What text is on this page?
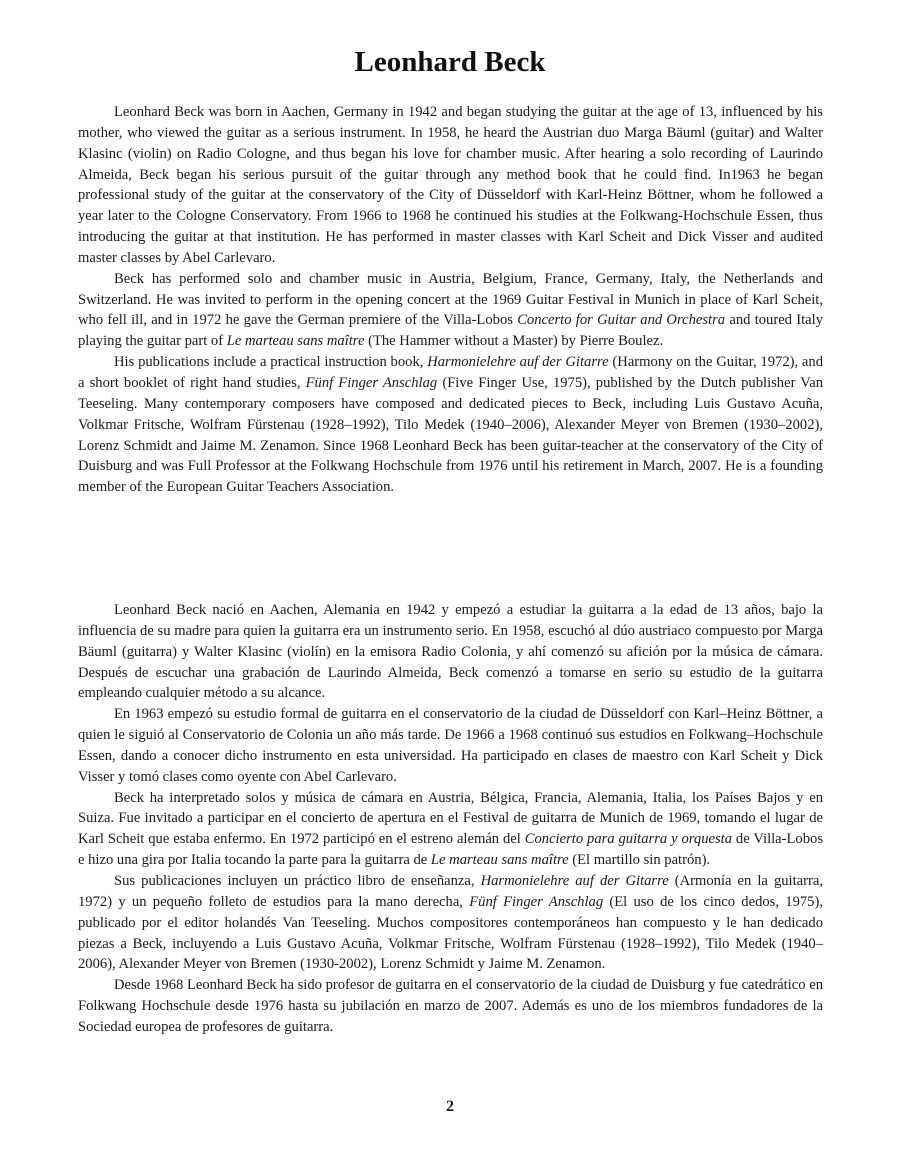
Leonhard Beck

Leonhard Beck was born in Aachen, Germany in 1942 and began studying the guitar at the age of 13, influenced by his mother, who viewed the guitar as a serious instrument. In 1958, he heard the Austrian duo Marga Bäuml (guitar) and Walter Klasinc (violin) on Radio Cologne, and thus began his love for chamber music. After hearing a solo recording of Laurindo Almeida, Beck began his serious pursuit of the guitar through any method book that he could find. In1963 he began professional study of the guitar at the conservatory of the City of Düsseldorf with Karl-Heinz Böttner, whom he followed a year later to the Cologne Conservatory. From 1966 to 1968 he continued his studies at the Folkwang-Hochschule Essen, thus introducing the guitar at that institution. He has performed in master classes with Karl Scheit and Dick Visser and audited master classes by Abel Carlevaro.

Beck has performed solo and chamber music in Austria, Belgium, France, Germany, Italy, the Netherlands and Switzerland. He was invited to perform in the opening concert at the 1969 Guitar Festival in Munich in place of Karl Scheit, who fell ill, and in 1972 he gave the German premiere of the Villa-Lobos Concerto for Guitar and Orchestra and toured Italy playing the guitar part of Le marteau sans maître (The Hammer without a Master) by Pierre Boulez.

His publications include a practical instruction book, Harmonielehre auf der Gitarre (Harmony on the Guitar, 1972), and a short booklet of right hand studies, Fünf Finger Anschlag (Five Finger Use, 1975), published by the Dutch publisher Van Teeseling. Many contemporary composers have composed and dedicated pieces to Beck, including Luis Gustavo Acuña, Volkmar Fritsche, Wolfram Fürstenau (1928–1992), Tilo Medek (1940–2006), Alexander Meyer von Bremen (1930–2002), Lorenz Schmidt and Jaime M. Zenamon. Since 1968 Leonhard Beck has been guitar-teacher at the conservatory of the City of Duisburg and was Full Professor at the Folkwang Hochschule from 1976 until his retirement in March, 2007. He is a founding member of the European Guitar Teachers Association.

Leonhard Beck nació en Aachen, Alemania en 1942 y empezó a estudiar la guitarra a la edad de 13 años, bajo la influencia de su madre para quien la guitarra era un instrumento serio. En 1958, escuchó al dúo austriaco compuesto por Marga Bäuml (guitarra) y Walter Klasinc (violín) en la emisora Radio Colonia, y ahí comenzó su afición por la música de cámara. Después de escuchar una grabación de Laurindo Almeida, Beck comenzó a tomarse en serio su estudio de la guitarra empleando cualquier método a su alcance.

En 1963 empezó su estudio formal de guitarra en el conservatorio de la ciudad de Düsseldorf con Karl–Heinz Böttner, a quien le siguió al Conservatorio de Colonia un año más tarde. De 1966 a 1968 continuó sus estudios en Folkwang–Hochschule Essen, dando a conocer dicho instrumento en esta universidad. Ha participado en clases de maestro con Karl Scheit y Dick Visser y tomó clases como oyente con Abel Carlevaro.

Beck ha interpretado solos y música de cámara en Austria, Bélgica, Francia, Alemania, Italia, los Países Bajos y en Suiza. Fue invitado a participar en el concierto de apertura en el Festival de guitarra de Munich de 1969, tomando el lugar de Karl Scheit que estaba enfermo. En 1972 participó en el estreno alemán del Concierto para guitarra y orquesta de Villa-Lobos e hizo una gira por Italia tocando la parte para la guitarra de Le marteau sans maître (El martillo sin patrón).

Sus publicaciones incluyen un práctico libro de enseñanza, Harmonielehre auf der Gitarre (Armonía en la guitarra, 1972) y un pequeño folleto de estudios para la mano derecha, Fünf Finger Anschlag (El uso de los cinco dedos, 1975), publicado por el editor holandés Van Teeseling. Muchos compositores contemporáneos han compuesto y le han dedicado piezas a Beck, incluyendo a Luis Gustavo Acuña, Volkmar Fritsche, Wolfram Fürstenau (1928–1992), Tilo Medek (1940–2006), Alexander Meyer von Bremen (1930-2002), Lorenz Schmidt y Jaime M. Zenamon.

Desde 1968 Leonhard Beck ha sido profesor de guitarra en el conservatorio de la ciudad de Duisburg y fue catedrático en Folkwang Hochschule desde 1976 hasta su jubilación en marzo de 2007. Además es uno de los miembros fundadores de la Sociedad europea de profesores de guitarra.

2
